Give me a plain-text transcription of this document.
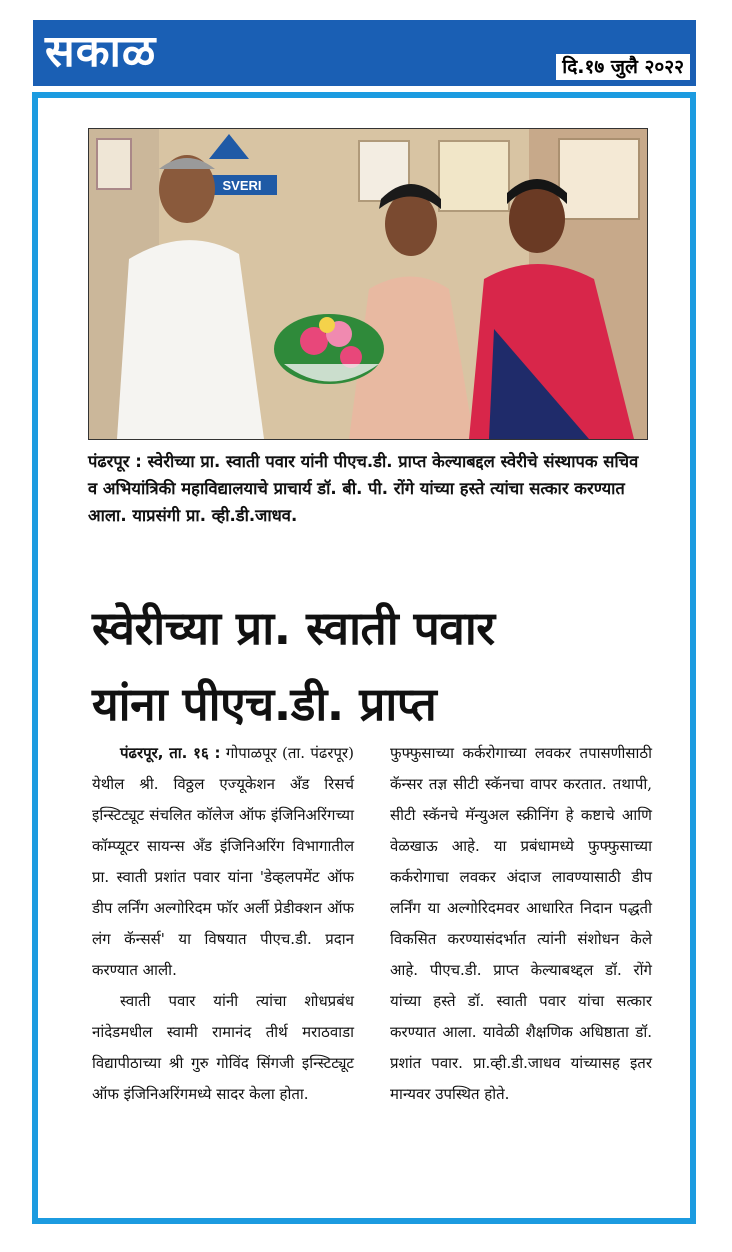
सकाळ	दि.१७ जुलै २०२२
SVERI
पंढरपूर : स्वेरीच्या प्रा. स्वाती पवार यांनी पीएच.डी. प्राप्त केल्याबद्दल स्वेरीचे संस्थापक सचिव व अभियांत्रिकी महाविद्यालयाचे प्राचार्य डॉ. बी. पी. रोंगे यांच्या हस्ते त्यांचा सत्कार करण्यात आला. याप्रसंगी प्रा. व्ही.डी.जाधव.
स्वेरीच्या प्रा. स्वाती पवार
यांना पीएच.डी. प्राप्त

पंढरपूर, ता. १६ : गोपाळपूर (ता. पंढरपूर) येथील श्री. विठ्ठल एज्यूकेशन अँड रिसर्च इन्स्टिट्यूट संचलित कॉलेज ऑफ इंजिनिअरिंगच्या कॉम्प्यूटर सायन्स अँड इंजिनिअरिंग विभागातील प्रा. स्वाती प्रशांत पवार यांना 'डेव्हलपमेंट ऑफ डीप लर्निंग अल्गोरिदम फॉर अर्ली प्रेडीक्शन ऑफ लंग कॅन्सर्स' या विषयात पीएच.डी. प्रदान करण्यात आली.

स्वाती पवार यांनी त्यांचा शोधप्रबंध नांदेडमधील स्वामी रामानंद तीर्थ मराठवाडा विद्यापीठाच्या श्री गुरु गोविंद सिंगजी इन्स्टिट्यूट ऑफ इंजिनिअरिंगमध्ये सादर केला होता.

फुफ्फुसाच्या कर्करोगाच्या लवकर तपासणीसाठी कॅन्सर तज्ञ सीटी स्कॅनचा वापर करतात. तथापी, सीटी स्कॅनचे मॅन्युअल स्क्रीनिंग हे कष्टाचे आणि वेळखाऊ आहे. या प्रबंधामध्ये फुफ्फुसाच्या कर्करोगाचा लवकर अंदाज लावण्यासाठी डीप लर्निंग या अल्गोरिदमवर आधारित निदान पद्धती विकसित करण्यासंदर्भात त्यांनी संशोधन केले आहे. पीएच.डी. प्राप्त केल्याबथ्द्दल डॉ. रोंगे यांच्या हस्ते डॉ. स्वाती पवार यांचा सत्कार करण्यात आला. यावेळी शैक्षणिक अधिष्ठाता डॉ. प्रशांत पवार. प्रा.व्ही.डी.जाधव यांच्यासह इतर मान्यवर उपस्थित होते.
